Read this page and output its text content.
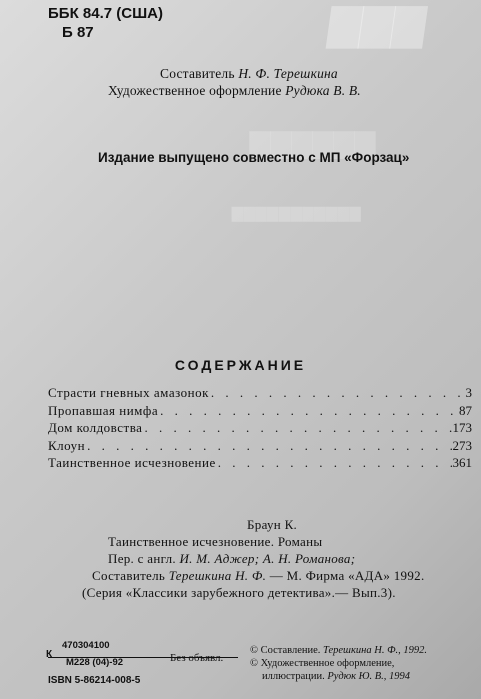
▇▇▇
▇▇▇▇▇▇
▇▇▇▇▇▇▇▇▇▇▇
ББК 84.7 (США)
Б 87
Составитель Н. Ф. Терешкина
Художественное оформление Рудюка В. В.
Издание выпущено совместно с МП «Форзац»
СОДЕРЖАНИЕ
Страсти гневных амазонок . . .	3
Пропавшая нимфа . . .	87
Дом колдовства . . .	173
Клоун . . .	273
Таинственное исчезновение . . .	361
Браун К.
Таинственное исчезновение. Романы
Пер. с англ. И. М. Аджер; А. Н. Романова;
Составитель Терешкина Н. Ф. — М. Фирма «АДА» 1992.
(Серия «Классики зарубежного детектива».— Вып.3).
470304100
К
М228 (04)-92	Без объявл.
ISBN 5-86214-008-5
© Составление. Терешкина Н. Ф., 1992.
© Художественное оформление,
иллюстрации. Рудюк Ю. В., 1994
